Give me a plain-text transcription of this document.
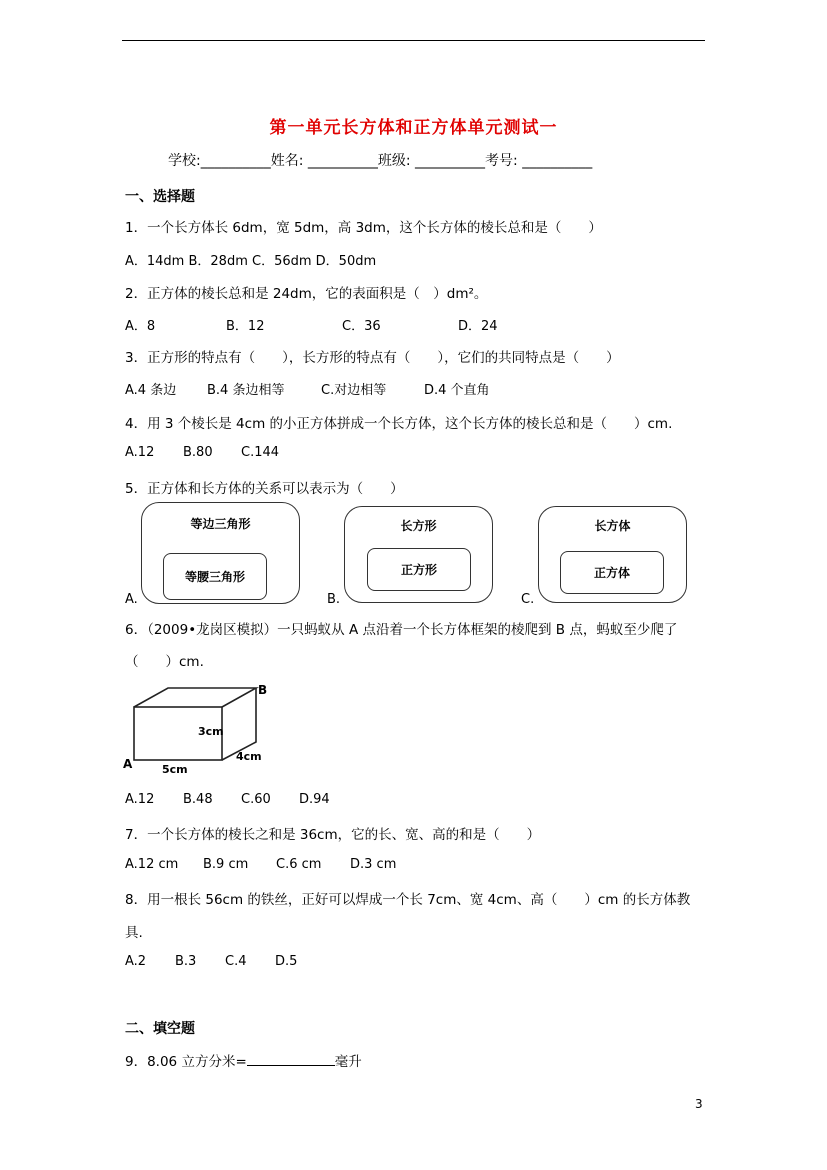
第一单元长方体和正方体单元测试一
学校:__________姓名: __________班级: __________考号: __________
一、选择题
1．一个长方体长 6dm，宽 5dm，高 3dm，这个长方体的棱长总和是（　　）
A．14dm B．28dm C．56dm D．50dm
2．正方体的棱长总和是 24dm，它的表面积是（　）dm²。
A．8	B．12	C．36	D．24
3．正方形的特点有（　　），长方形的特点有（　　），它们的共同特点是（　　）
A.4 条边 B.4 条边相等	C.对边相等	D.4 个直角
4．用 3 个棱长是 4cm 的小正方体拼成一个长方体，这个长方体的棱长总和是（　　）cm.
A.12 B.80 C.144
5．正方体和长方体的关系可以表示为（　　）
A.
等边三角形
等腰三角形
B.
长方形
正方形
C.
长方体
正方体
6．（2009•龙岗区模拟）一只蚂蚁从 A 点沿着一个长方体框架的棱爬到 B 点，蚂蚁至少爬了
（　　）cm.
A
B
3cm
4cm
5cm
A.12 B.48 C.60 D.94
7．一个长方体的棱长之和是 36cm，它的长、宽、高的和是（　　）
A.12 cm B.9 cm C.6 cm D.3 cm
8．用一根长 56cm 的铁丝，正好可以焊成一个长 7cm、宽 4cm、高（　　）cm 的长方体教
具.
A.2 B.3 C.4 D.5
二、填空题
9．8.06 立方分米=	毫升
3
